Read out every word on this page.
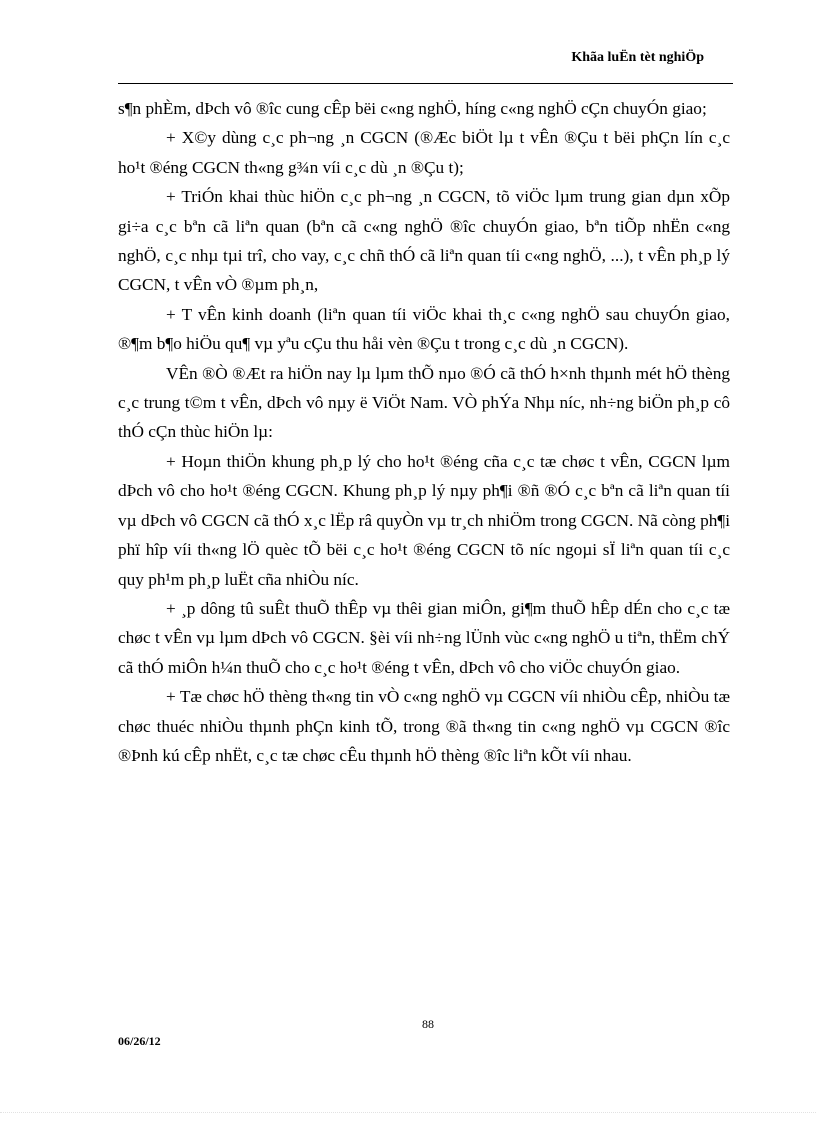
Khãa luËn tèt nghiÖp

s¶n phÈm, dÞch vô ®îc cung cÊp bëi c«ng nghÖ, híng c«ng nghÖ cÇn chuyÓn giao;

+ X©y dùng c¸c ph¬ng ¸n CGCN (®Æc biÖt lµ t vÊn ®Çu t bëi phÇn lín c¸c ho¹t ®éng CGCN th«ng g¾n víi c¸c dù ¸n ®Çu t);

+ TriÓn khai thùc hiÖn c¸c ph¬ng ¸n CGCN, tõ viÖc lµm trung gian dµn xÕp gi÷a c¸c bªn cã liªn quan (bªn cã c«ng nghÖ ®îc chuyÓn giao, bªn tiÕp nhËn c«ng nghÖ, c¸c nhµ tµi trî, cho vay, c¸c chñ thÓ cã liªn quan tíi c«ng nghÖ, ...), t vÊn ph¸p lý CGCN, t vÊn vÒ ®µm ph¸n,

+ T vÊn kinh doanh (liªn quan tíi viÖc khai th¸c c«ng nghÖ sau chuyÓn giao, ®¶m b¶o hiÖu qu¶ vµ yªu cÇu thu håi vèn ®Çu t trong c¸c dù ¸n CGCN).

VÊn ®Ò ®Æt ra hiÖn nay lµ lµm thÕ nµo ®Ó cã thÓ h×nh thµnh mét hÖ thèng c¸c trung t©m t vÊn, dÞch vô nµy ë ViÖt Nam. VÒ phÝa Nhµ níc, nh÷ng biÖn ph¸p cô thÓ cÇn thùc hiÖn lµ:

+ Hoµn thiÖn khung ph¸p lý cho ho¹t ®éng cña c¸c tæ chøc t vÊn, CGCN lµm dÞch vô cho ho¹t ®éng CGCN. Khung ph¸p lý nµy ph¶i ®ñ ®Ó c¸c bªn cã liªn quan tíi vµ dÞch vô CGCN cã thÓ x¸c lËp râ quyÒn vµ tr¸ch nhiÖm trong CGCN. Nã còng ph¶i phï hîp víi th«ng lÖ quèc tÕ bëi c¸c ho¹t ®éng CGCN tõ níc ngoµi sÏ liªn quan tíi c¸c quy ph¹m ph¸p luËt cña nhiÒu níc.

+ ¸p dông tû suÊt thuÕ thÊp vµ thêi gian miÔn, gi¶m thuÕ hÊp dÉn cho c¸c tæ chøc t vÊn vµ lµm dÞch vô CGCN. §èi víi nh÷ng lÜnh vùc c«ng nghÖ u tiªn, thËm chÝ cã thÓ miÔn h¼n thuÕ cho c¸c ho¹t ®éng t vÊn, dÞch vô cho viÖc chuyÓn giao.

+ Tæ chøc hÖ thèng th«ng tin vÒ c«ng nghÖ vµ CGCN víi nhiÒu cÊp, nhiÒu tæ chøc thuéc nhiÒu thµnh phÇn kinh tÕ, trong ®ã th«ng tin c«ng nghÖ vµ CGCN ®îc ®Þnh kú cÊp nhËt, c¸c tæ chøc cÊu thµnh hÖ thèng ®îc liªn kÕt víi nhau.

88
06/26/12
